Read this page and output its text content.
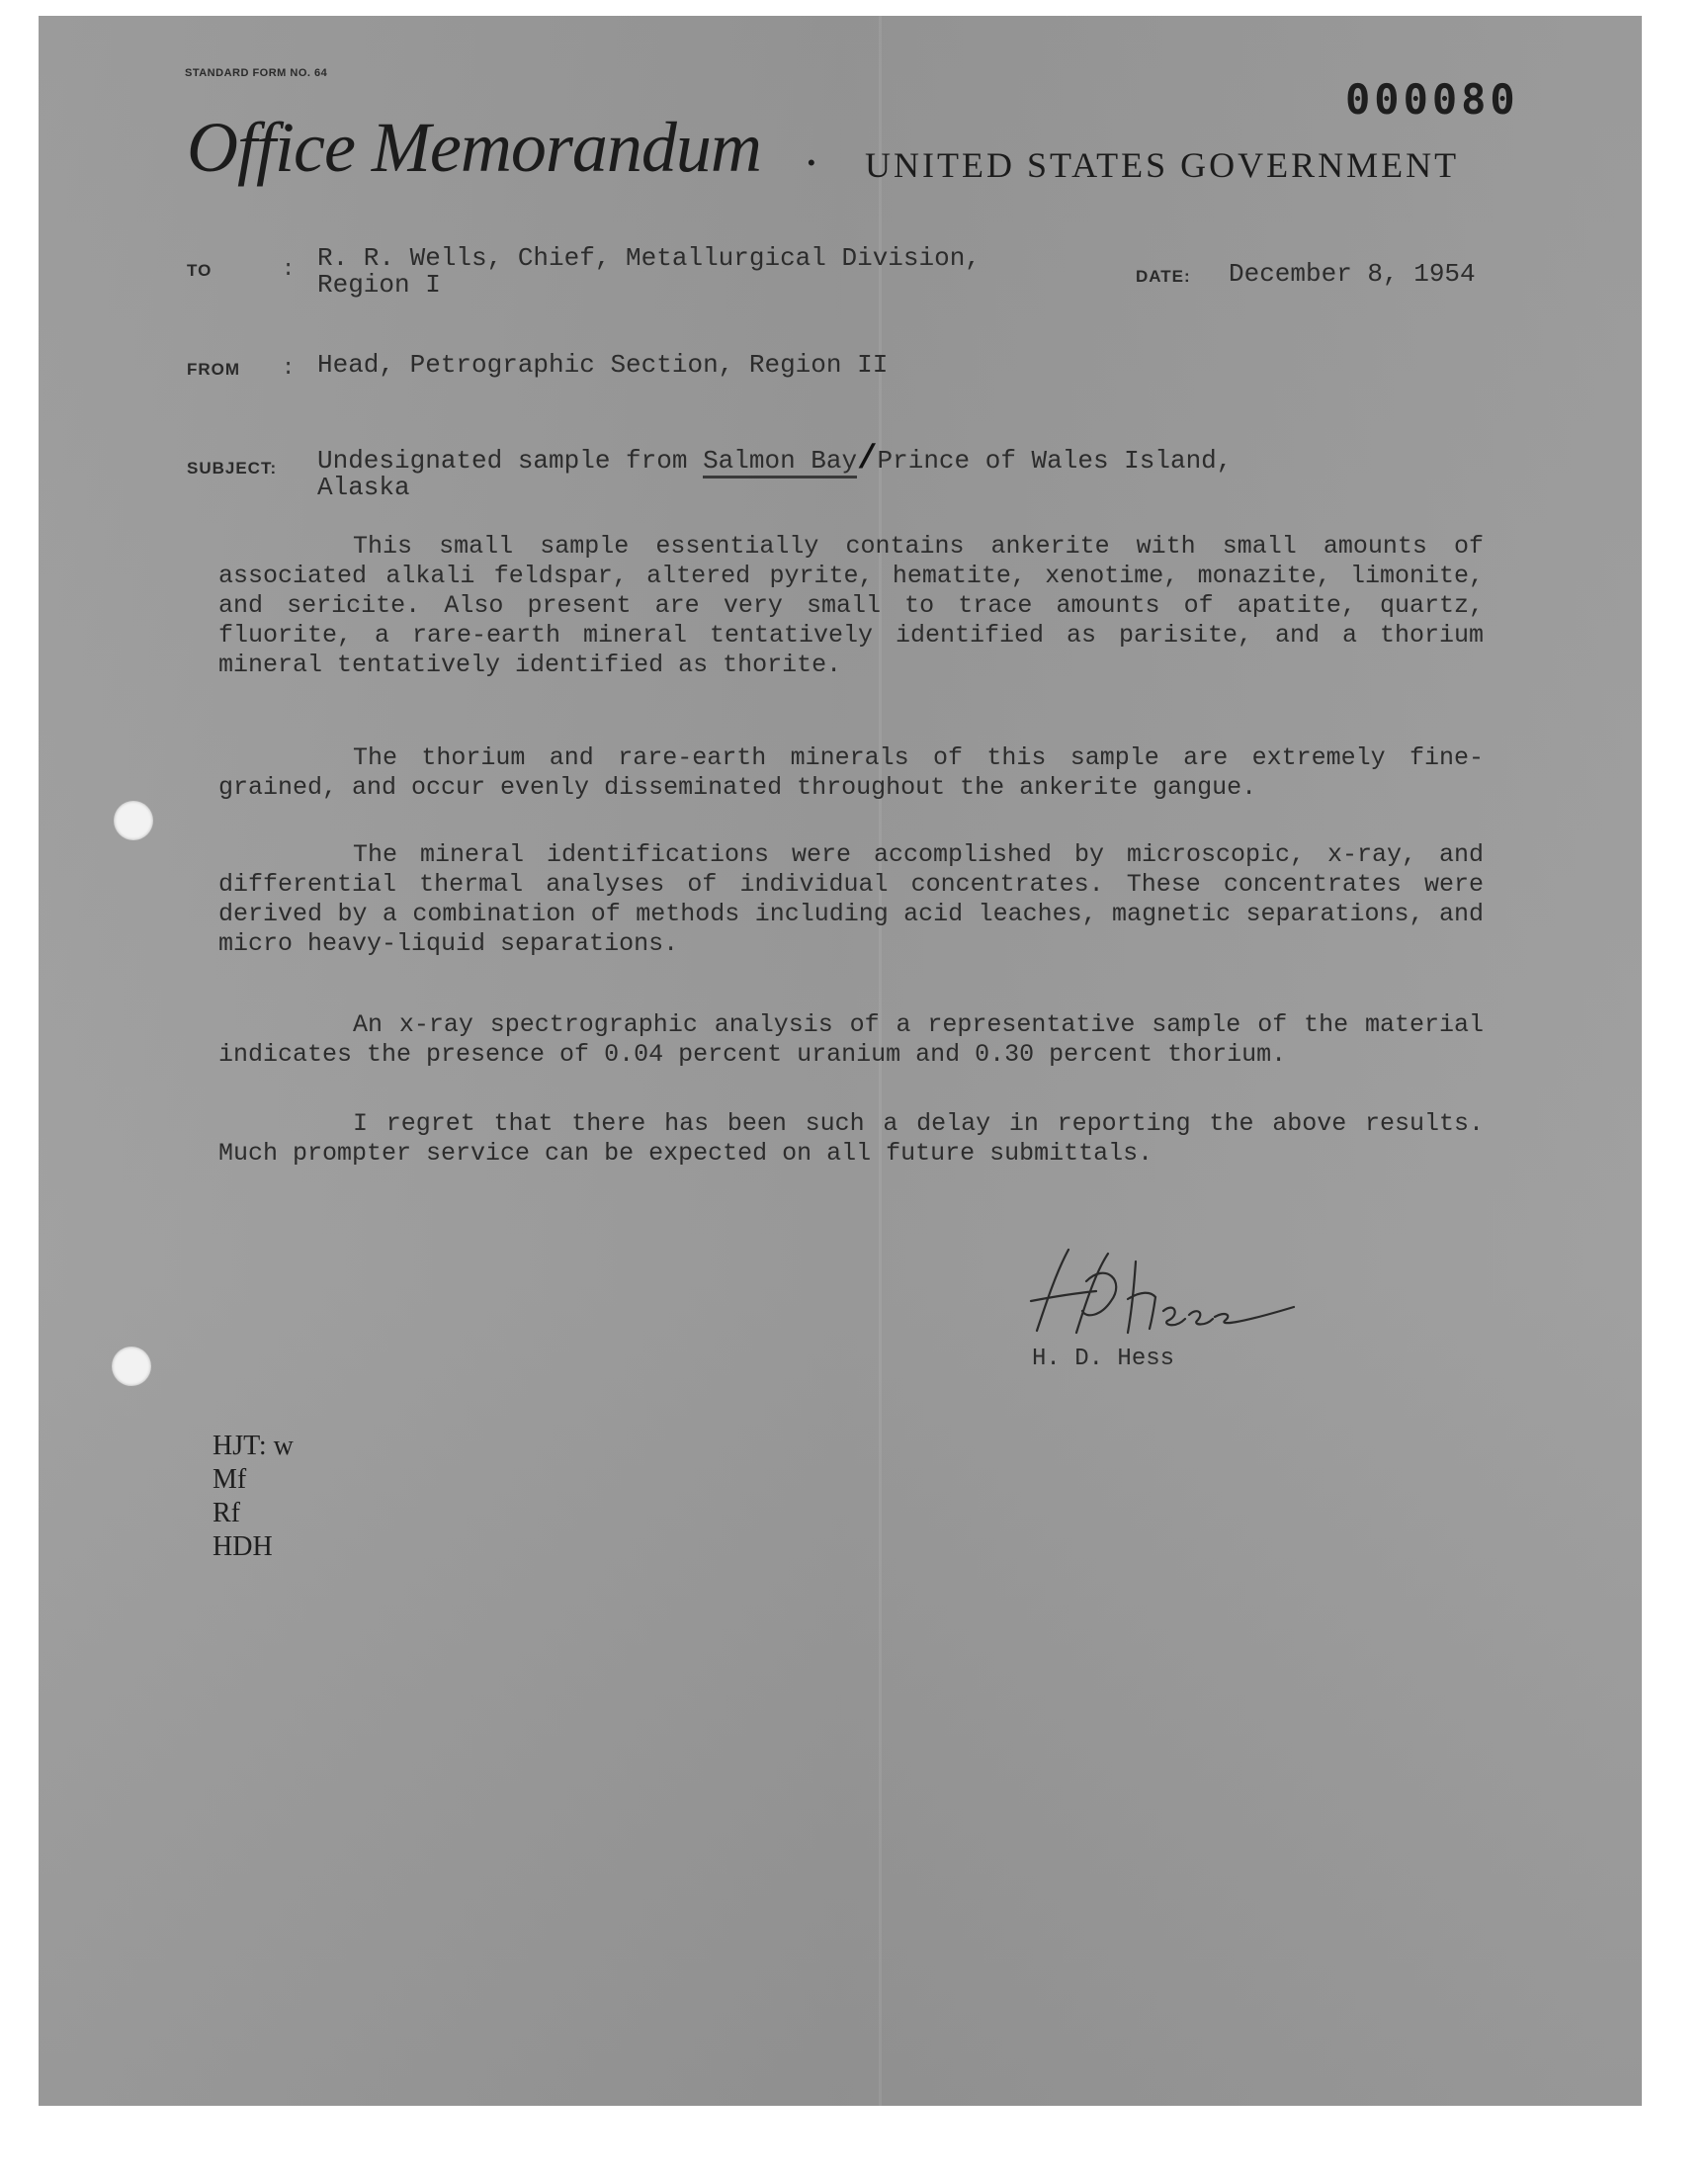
STANDARD FORM NO. 64
000080
Office Memorandum • UNITED STATES GOVERNMENT
TO	: R. R. Wells, Chief, Metallurgical Division,
Region I	DATE: December 8, 1954
FROM : Head, Petrographic Section, Region II
SUBJECT: Undesignated sample from Salmon Bay/Prince of Wales Island,
Alaska
This small sample essentially contains ankerite with small amounts of associated alkali feldspar, altered pyrite, hematite, xenotime, monazite, limonite, and sericite. Also present are very small to trace amounts of apatite, quartz, fluorite, a rare-earth mineral tentatively identified as parisite, and a thorium mineral tentatively identified as thorite.
The thorium and rare-earth minerals of this sample are extremely fine-grained, and occur evenly disseminated throughout the ankerite gangue.
The mineral identifications were accomplished by microscopic, x-ray, and differential thermal analyses of individual concentrates. These concentrates were derived by a combination of methods including acid leaches, magnetic separations, and micro heavy-liquid separations.
An x-ray spectrographic analysis of a representative sample of the material indicates the presence of 0.04 percent uranium and 0.30 percent thorium.
I regret that there has been such a delay in reporting the above results. Much prompter service can be expected on all future submittals.
H. D. Hess
HJT: w
Mf
Rf
HDH
